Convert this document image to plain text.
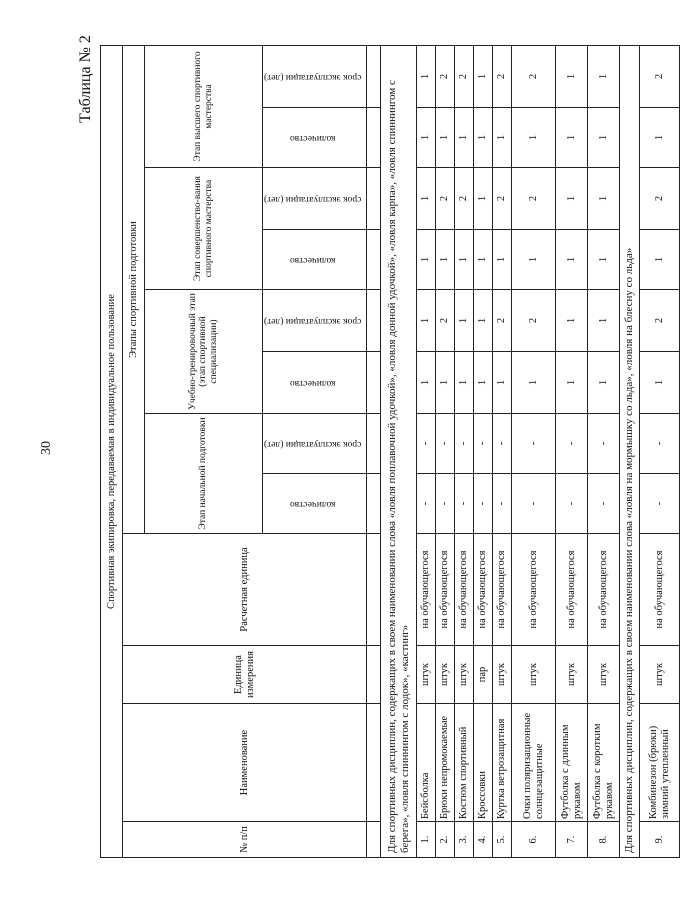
30
Таблица № 2
Спортивная экипировка, передаваемая в индивидуальное пользование											
№ п/п	Наименование	Единица измерения	Расчетная единица	Этапы спортивной подготовки							
				Этап начальной подготовки		Учебно-тренировочный этап (этап спортивной специализации)		Этап совершенство-вания спортивного мастерства		Этап высшего спортивного мастерства	
				количество	срок эксплуатации (лет)	количество	срок эксплуатации (лет)	количество	срок эксплуатации (лет)	количество	срок эксплуатации (лет)

Для спортивных дисциплин, содержащих в своем наименовании слова «ловля поплавочной удочкой», «ловля донной удочкой», «ловля карпа», «ловля спиннингом с берега», «ловля спиннингом с лодок», «кастинг»											
1.	Бейсболка	штук	на обучающегося	-	-	1	1	1	1	1	1
2.	Брюки непромокаемые	штук	на обучающегося	-	-	1	2	1	2	1	2
3.	Костюм спортивный	штук	на обучающегося	-	-	1	1	1	2	1	2
4.	Кроссовки	пар	на обучающегося	-	-	1	1	1	1	1	1
5.	Куртка ветрозащитная	штук	на обучающегося	-	-	1	2	1	2	1	2
6.	Очки поляризационные солнцезащитные	штук	на обучающегося	-	-	1	2	1	2	1	2
7.	Футболка с длинным рукавом	штук	на обучающегося	-	-	1	1	1	1	1	1
8.	Футболка с коротким рукавом	штук	на обучающегося	-	-	1	1	1	1	1	1
Для спортивных дисциплин, содержащих в своем наименовании слова «ловля на мормышку со льда», «ловля на блесну со льда»											
9.	Комбинезон (брюки) зимний утепленный	штук	на обучающегося	-	-	1	2	1	2	1	2
